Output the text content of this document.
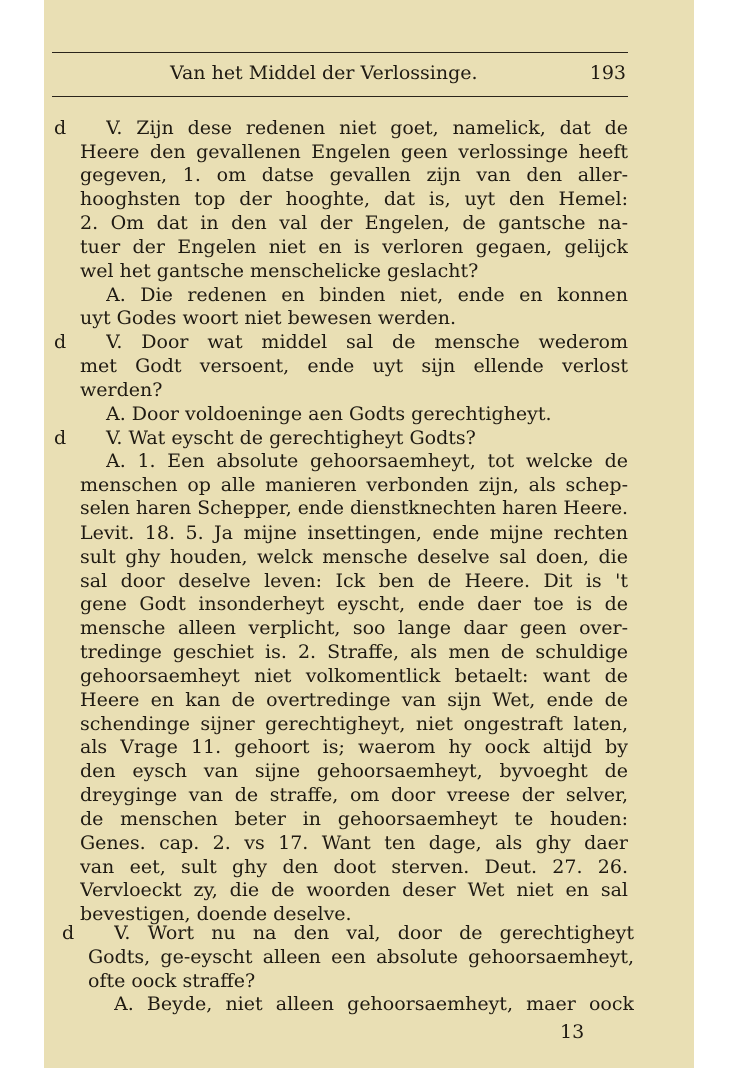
Van het Middel der Verlossinge.	193
d
d
d
d
V. Zijn dese redenen niet goet, namelick, dat de
Heere den gevallenen Engelen geen verlossinge heeft
gegeven, 1. om datse gevallen zijn van den aller-
hooghsten top der hooghte, dat is, uyt den Hemel:
2. Om dat in den val der Engelen, de gantsche na-
tuer der Engelen niet en is verloren gegaen, gelijck
wel het gantsche menschelicke geslacht?
A. Die redenen en binden niet, ende en konnen
uyt Godes woort niet bewesen werden.
V. Door wat middel sal de mensche wederom
met Godt versoent, ende uyt sijn ellende verlost
werden?
A. Door voldoeninge aen Godts gerechtigheyt.
V. Wat eyscht de gerechtigheyt Godts?
A. 1. Een absolute gehoorsaemheyt, tot welcke de
menschen op alle manieren verbonden zijn, als schep-
selen haren Schepper, ende dienstknechten haren Heere.
Levit. 18. 5. Ja mijne insettingen, ende mijne rechten
sult ghy houden, welck mensche deselve sal doen, die
sal door deselve leven: Ick ben de Heere. Dit is 't
gene Godt insonderheyt eyscht, ende daer toe is de
mensche alleen verplicht, soo lange daar geen over-
tredinge geschiet is. 2. Straffe, als men de schuldige
gehoorsaemheyt niet volkomentlick betaelt: want de
Heere en kan de overtredinge van sijn Wet, ende de
schendinge sijner gerechtigheyt, niet ongestraft laten,
als Vrage 11. gehoort is; waerom hy oock altijd by
den eysch van sijne gehoorsaemheyt, byvoeght de
dreyginge van de straffe, om door vreese der selver,
de menschen beter in gehoorsaemheyt te houden:
Genes. cap. 2. vs 17. Want ten dage, als ghy daer
van eet, sult ghy den doot sterven. Deut. 27. 26.
Vervloeckt zy, die de woorden deser Wet niet en sal
bevestigen, doende deselve.
V. Wort nu na den val, door de gerechtigheyt
Godts, ge-eyscht alleen een absolute gehoorsaemheyt,
ofte oock straffe?
A. Beyde, niet alleen gehoorsaemheyt, maer oock
13
